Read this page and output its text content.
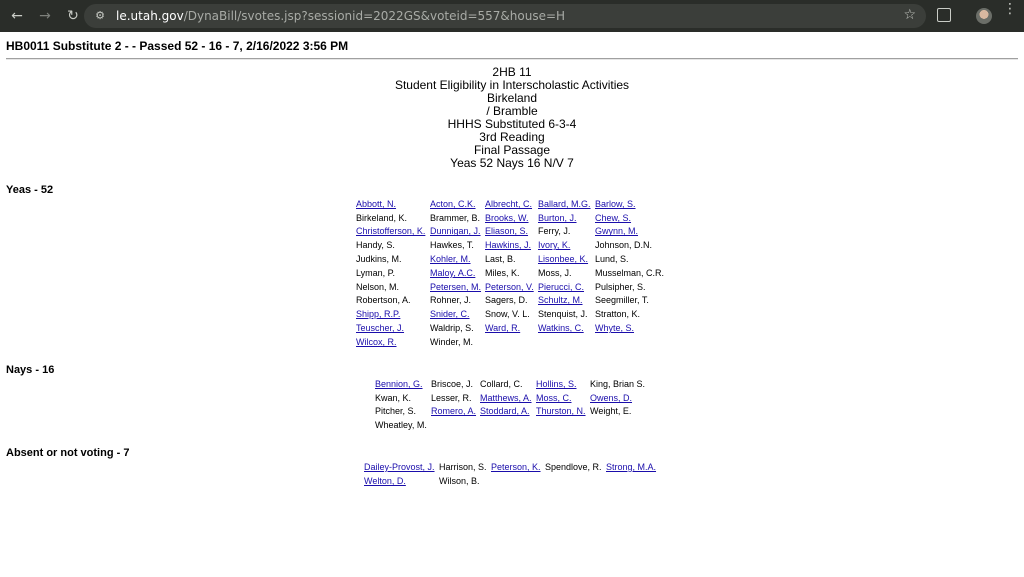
← → ↻ ⚙ le.utah.gov/DynaBill/svotes.jsp?sessionid=2022GS&voteid=557&house=H	☆	⋮
HB0011 Substitute 2 - - Passed 52 - 16 - 7, 2/16/2022 3:56 PM
2HB 11
Student Eligibility in Interscholastic Activities
Birkeland
/ Bramble
HHHS Substituted 6-3-4
3rd Reading
Final Passage
Yeas 52 Nays 16 N/V 7
Yeas - 52
Abbott, N.	Acton, C.K.	Albrecht, C.	Ballard, M.G.	Barlow, S.
Birkeland, K.	Brammer, B.	Brooks, W.	Burton, J.	Chew, S.
Christofferson, K.	Dunnigan, J.	Eliason, S.	Ferry, J.	Gwynn, M.
Handy, S.	Hawkes, T.	Hawkins, J.	Ivory, K.	Johnson, D.N.
Judkins, M.	Kohler, M.	Last, B.	Lisonbee, K.	Lund, S.
Lyman, P.	Maloy, A.C.	Miles, K.	Moss, J.	Musselman, C.R.
Nelson, M.	Petersen, M.	Peterson, V.	Pierucci, C.	Pulsipher, S.
Robertson, A.	Rohner, J.	Sagers, D.	Schultz, M.	Seegmiller, T.
Shipp, R.P.	Snider, C.	Snow, V. L.	Stenquist, J.	Stratton, K.
Teuscher, J.	Waldrip, S.	Ward, R.	Watkins, C.	Whyte, S.
Wilcox, R.	Winder, M.			
Nays - 16
Bennion, G.	Briscoe, J.	Collard, C.	Hollins, S.	King, Brian S.
Kwan, K.	Lesser, R.	Matthews, A.	Moss, C.	Owens, D.
Pitcher, S.	Romero, A.	Stoddard, A.	Thurston, N.	Weight, E.
Wheatley, M.				
Absent or not voting - 7
Dailey-Provost, J.	Harrison, S.	Peterson, K.	Spendlove, R.	Strong, M.A.
Welton, D.	Wilson, B.			
